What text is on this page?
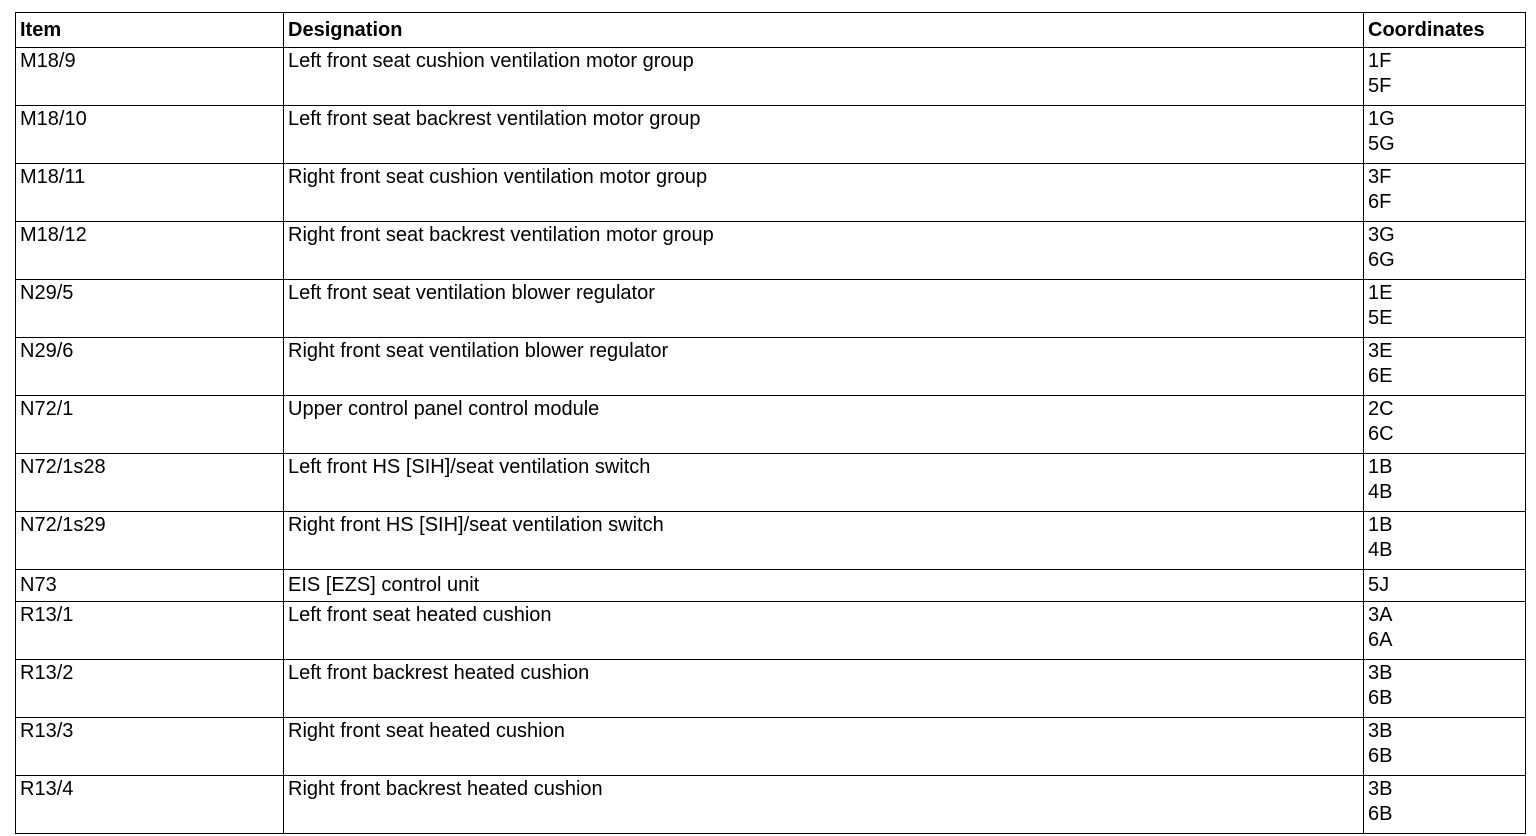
Item	Designation	Coordinates
M18/9	Left front seat cushion ventilation motor group	1F
5F

M18/10	Left front seat backrest ventilation motor group	1G
5G

M18/11	Right front seat cushion ventilation motor group	3F
6F

M18/12	Right front seat backrest ventilation motor group	3G
6G

N29/5	Left front seat ventilation blower regulator	1E
5E

N29/6	Right front seat ventilation blower regulator	3E
6E

N72/1	Upper control panel control module	2C
6C

N72/1s28	Left front HS [SIH]/seat ventilation switch	1B
4B

N72/1s29	Right front HS [SIH]/seat ventilation switch	1B
4B

N73	EIS [EZS] control unit	5J

R13/1	Left front seat heated cushion	3A
6A

R13/2	Left front backrest heated cushion	3B
6B

R13/3	Right front seat heated cushion	3B
6B

R13/4	Right front backrest heated cushion	3B
6B
